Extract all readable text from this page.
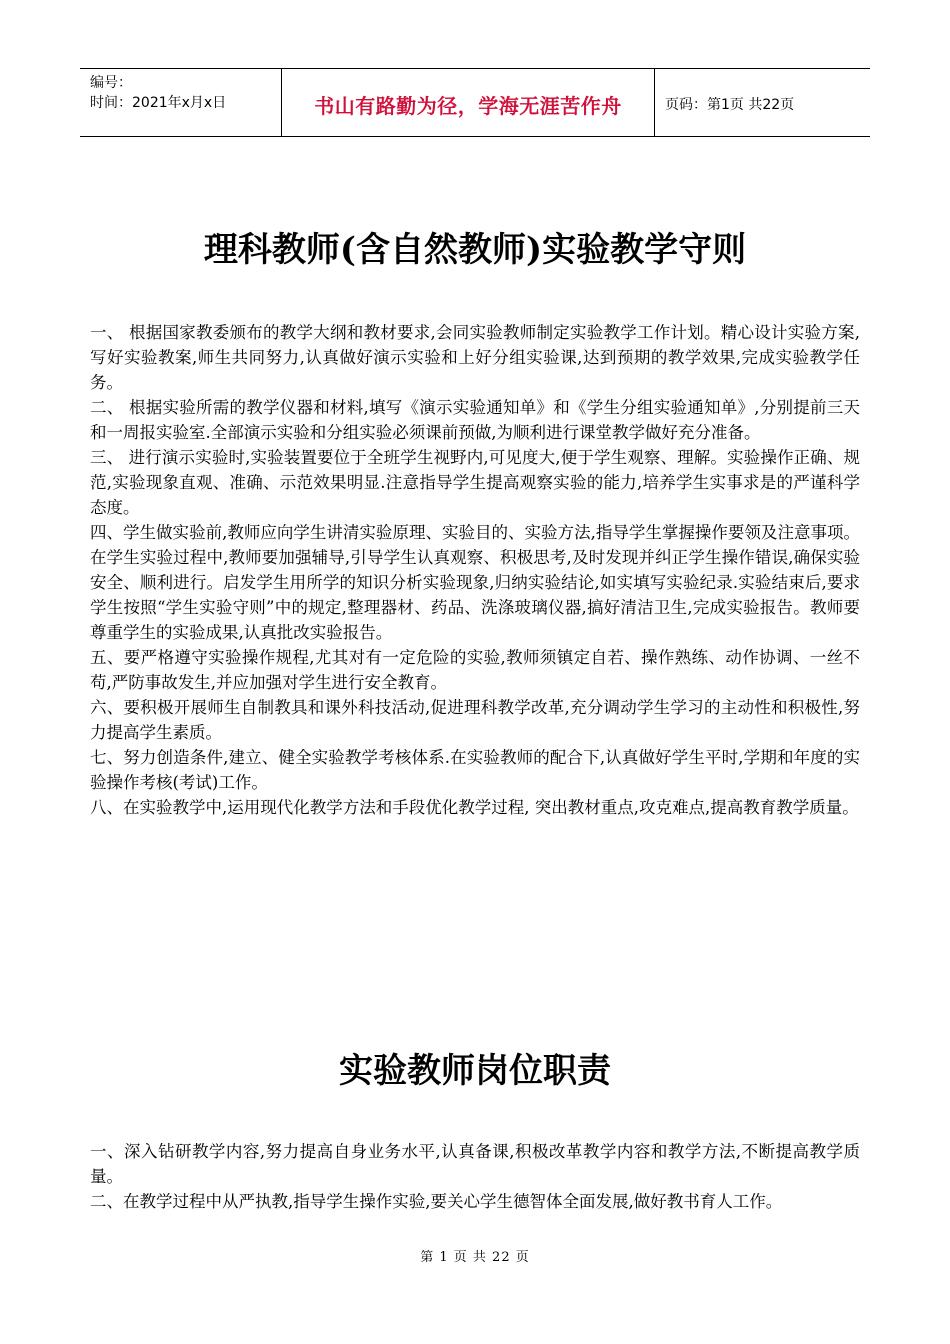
编号：
时间：2021年x月x日	书山有路勤为径，学海无涯苦作舟	页码：第1页 共22页
理科教师(含自然教师)实验教学守则

一、 根据国家教委颁布的教学大纲和教材要求,会同实验教师制定实验教学工作计划。精心设计实验方案,写好实验教案,师生共同努力,认真做好演示实验和上好分组实验课,达到预期的教学效果,完成实验教学任务。

二、 根据实验所需的教学仪器和材料,填写《演示实验通知单》和《学生分组实验通知单》,分别提前三天和一周报实验室.全部演示实验和分组实验必须课前预做,为顺利进行课堂教学做好充分准备。

三、 进行演示实验时,实验装置要位于全班学生视野内,可见度大,便于学生观察、理解。实验操作正确、规范,实验现象直观、准确、示范效果明显.注意指导学生提高观察实验的能力,培养学生实事求是的严谨科学态度。

四、学生做实验前,教师应向学生讲清实验原理、实验目的、实验方法,指导学生掌握操作要领及注意事项。在学生实验过程中,教师要加强辅导,引导学生认真观察、积极思考,及时发现并纠正学生操作错误,确保实验安全、顺利进行。启发学生用所学的知识分析实验现象,归纳实验结论,如实填写实验纪录.实验结束后,要求学生按照“学生实验守则”中的规定,整理器材、药品、洗涤玻璃仪器,搞好清洁卫生,完成实验报告。教师要尊重学生的实验成果,认真批改实验报告。

五、要严格遵守实验操作规程,尤其对有一定危险的实验,教师须镇定自若、操作熟练、动作协调、一丝不苟,严防事故发生,并应加强对学生进行安全教育。

六、要积极开展师生自制教具和课外科技活动,促进理科教学改革,充分调动学生学习的主动性和积极性,努力提高学生素质。

七、努力创造条件,建立、健全实验教学考核体系.在实验教师的配合下,认真做好学生平时,学期和年度的实验操作考核(考试)工作。

八、在实验教学中,运用现代化教学方法和手段优化教学过程, 突出教材重点,攻克难点,提高教育教学质量。

实验教师岗位职责

一、深入钻研教学内容,努力提高自身业务水平,认真备课,积极改革教学内容和教学方法,不断提高教学质量。

二、在教学过程中从严执教,指导学生操作实验,要关心学生德智体全面发展,做好教书育人工作。

第 1 页 共 22 页
